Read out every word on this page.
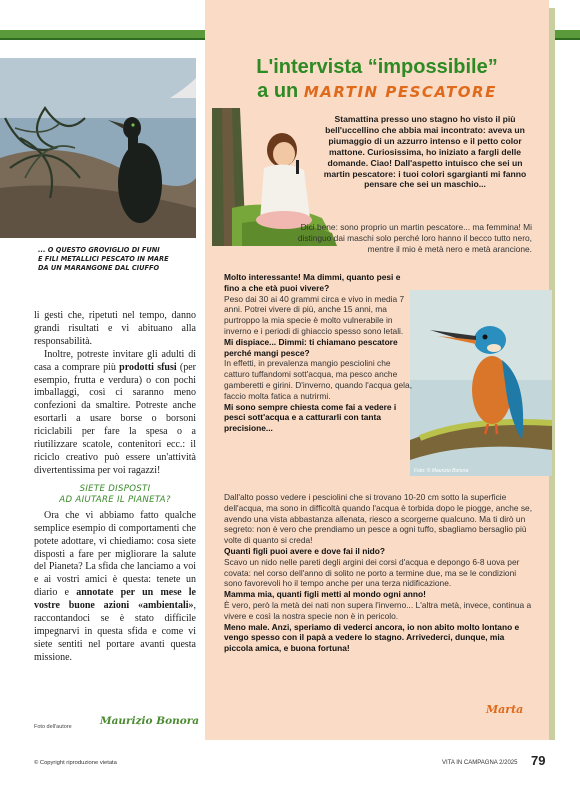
... O QUESTO GROVIGLIO DI FUNI
E FILI METALLICI PESCATO IN MARE
DA UN MARANGONE DAL CIUFFO

li gesti che, ripetuti nel tempo, danno grandi risultati e vi abituano alla responsabilità.

Inoltre, potreste invitare gli adulti di casa a comprare più prodotti sfusi (per esempio, frutta e verdura) o con pochi imballaggi, così ci saranno meno confezioni da smaltire. Potreste anche esortarli a usare borse o borsoni riciclabili per fare la spesa o a riutilizzare scatole, contenitori ecc.: il riciclo creativo può essere un'attività divertentissima per voi ragazzi!

SIETE DISPOSTI
AD AIUTARE IL PIANETA?

Ora che vi abbiamo fatto qualche semplice esempio di comportamenti che potete adottare, vi chiediamo: cosa siete disposti a fare per migliorare la salute del Pianeta? La sfida che lanciamo a voi e ai vostri amici è questa: tenete un diario e annotate per un mese le vostre buone azioni «ambientali», raccontandoci se è stato difficile impegnarvi in questa sfida e come vi siete sentiti nel portare avanti questa missione.

Foto dell'autore	Maurizio Bonora
L'intervista “impossibile”
a un MARTIN PESCATORE
Stamattina presso uno stagno ho visto il più bell'uccellino che abbia mai incontrato: aveva un piumaggio di un azzurro intenso e il petto color mattone. Curiosissima, ho iniziato a fargli delle domande. Ciao! Dall'aspetto intuisco che sei un martin pescatore: i tuoi colori sgargianti mi fanno pensare che sei un maschio...
Dici bene: sono proprio un martin pescatore... ma femmina! Mi distinguo dai maschi solo perché loro hanno il becco tutto nero, mentre il mio è metà nero e metà arancione.
Foto: © Maurizio Bonora
Molto interessante! Ma dimmi, quanto pesi e fino a che età puoi vivere?
Peso dai 30 ai 40 grammi circa e vivo in media 7 anni. Potrei vivere di più, anche 15 anni, ma purtroppo la mia specie è molto vulnerabile in inverno e i periodi di ghiaccio spesso sono letali.
Mi dispiace... Dimmi: ti chiamano pescatore perché mangi pesce?
In effetti, in prevalenza mangio pesciolini che catturo tuffandomi sott'acqua, ma pesco anche gamberetti e girini. D'inverno, quando l'acqua gela, faccio molta fatica a nutrirmi.
Mi sono sempre chiesta come fai a vedere i pesci sott'acqua e a catturarli con tanta precisione...
Dall'alto posso vedere i pesciolini che si trovano 10-20 cm sotto la superficie dell'acqua, ma sono in difficoltà quando l'acqua è torbida dopo le piogge, anche se, avendo una vista abbastanza allenata, riesco a scorgerne qualcuno. Ma ti dirò un segreto: non è vero che prendiamo un pesce a ogni tuffo, sbagliamo bersaglio più volte di quanto si creda!
Quanti figli puoi avere e dove fai il nido?
Scavo un nido nelle pareti degli argini dei corsi d'acqua e depongo 6-8 uova per covata: nel corso dell'anno di solito ne porto a termine due, ma se le condizioni sono favorevoli ho il tempo anche per una terza nidificazione.
Mamma mia, quanti figli metti al mondo ogni anno!
È vero, però la metà dei nati non supera l'inverno... L'altra metà, invece, continua a vivere e così la nostra specie non è in pericolo.
Meno male. Anzi, speriamo di vederci ancora, io non abito molto lontano e vengo spesso con il papà a vedere lo stagno. Arrivederci, dunque, mia piccola amica, e buona fortuna!
Marta
© Copyright riproduzione vietata	VITA IN CAMPAGNA 2/2025 79
